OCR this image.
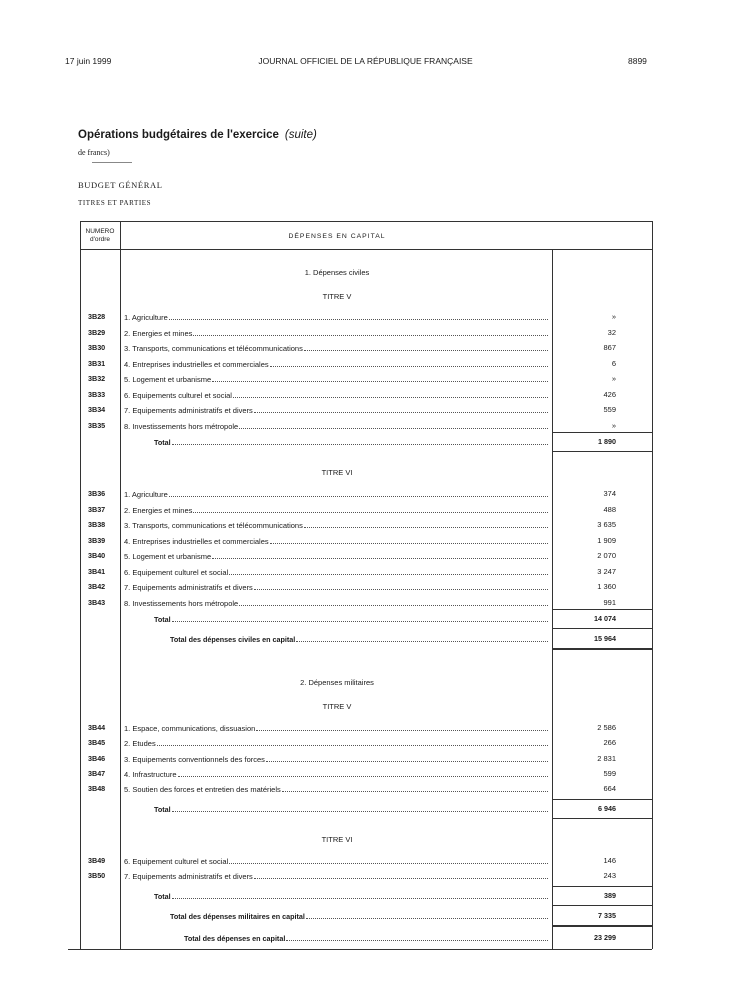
17 juin 1999	JOURNAL OFFICIEL DE LA RÉPUBLIQUE FRANÇAISE	8899
Opérations budgétaires de l'exercice (suite)
de francs)
BUDGET GÉNÉRAL
TITRES ET PARTIES
NUMERO
d'ordre	DÉPENSES EN CAPITAL
1. Dépenses civiles
TITRE V
3B28	1. Agriculture	»
3B29	2. Energies et mines	32
3B30	3. Transports, communications et télécommunications	867
3B31	4. Entreprises industrielles et commerciales	6
3B32	5. Logement et urbanisme	»
3B33	6. Equipements culturel et social	426
3B34	7. Equipements administratifs et divers	559
3B35	8. Investissements hors métropole	»
Total	1 890
TITRE VI
3B36	1. Agriculture	374
3B37	2. Energies et mines	488
3B38	3. Transports, communications et télécommunications	3 635
3B39	4. Entreprises industrielles et commerciales	1 909
3B40	5. Logement et urbanisme	2 070
3B41	6. Equipement culturel et social	3 247
3B42	7. Equipements administratifs et divers	1 360
3B43	8. Investissements hors métropole	991
Total	14 074
Total des dépenses civiles en capital	15 964
2. Dépenses militaires
TITRE V
3B44	1. Espace, communications, dissuasion	2 586
3B45	2. Etudes	266
3B46	3. Equipements conventionnels des forces	2 831
3B47	4. Infrastructure	599
3B48	5. Soutien des forces et entretien des matériels	664
Total	6 946
TITRE VI
3B49	6. Equipement culturel et social	146
3B50	7. Equipements administratifs et divers	243
Total	389
Total des dépenses militaires en capital	7 335
Total des dépenses en capital	23 299
